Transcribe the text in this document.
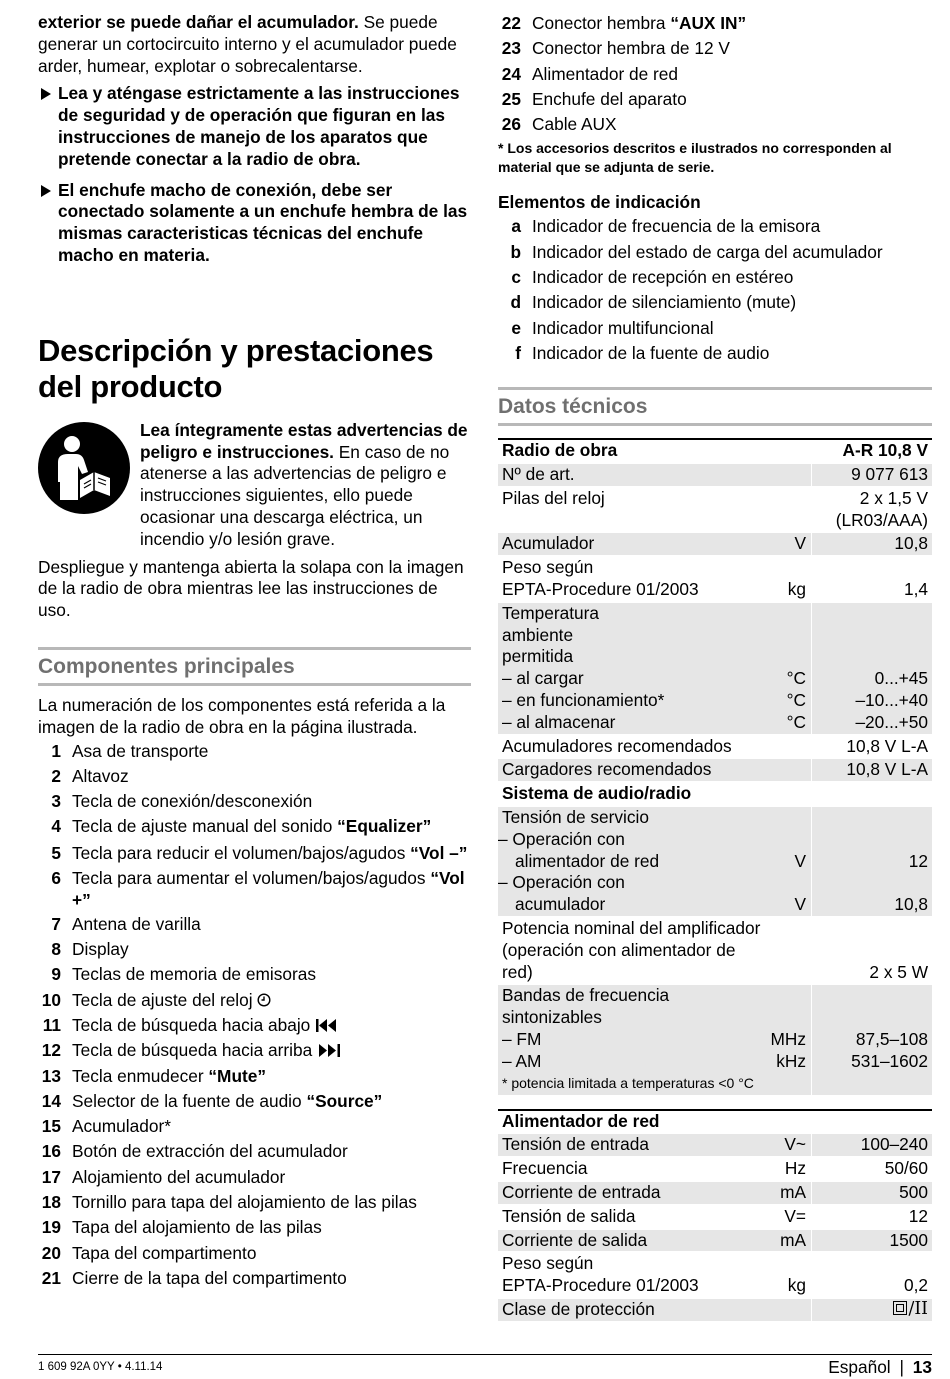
exterior se puede dañar el acumulador. Se puede generar un cortocircuito interno y el acumulador puede arder, humear, explotar o sobrecalentarse.

Lea y aténgase estrictamente a las instrucciones de seguridad y de operación que figuran en las instrucciones de manejo de los aparatos que pretende conectar a la radio de obra.
El enchufe macho de conexión, debe ser conectado solamente a un enchufe hembra de las mismas caracteristicas técnicas del enchufe macho en materia.
Descripción y prestaciones del producto

Lea íntegramente estas advertencias de peligro e instrucciones. En caso de no atenerse a las advertencias de peligro e instrucciones siguientes, ello puede ocasionar una descarga eléctrica, un incendio y/o lesión grave.

Despliegue y mantenga abierta la solapa con la imagen de la radio de obra mientras lee las instrucciones de uso.

Componentes principales

La numeración de los componentes está referida a la imagen de la radio de obra en la página ilustrada.

1 Asa de transporte
2 Altavoz
3 Tecla de conexión/desconexión
4 Tecla de ajuste manual del sonido “Equalizer”
5 Tecla para reducir el volumen/bajos/agudos “Vol –”
6 Tecla para aumentar el volumen/bajos/agudos “Vol +”
7 Antena de varilla
8 Display
9 Teclas de memoria de emisoras
10 Tecla de ajuste del reloj
11 Tecla de búsqueda hacia abajo
12 Tecla de búsqueda hacia arriba
13 Tecla enmudecer “Mute”
14 Selector de la fuente de audio “Source”
15 Acumulador*
16 Botón de extracción del acumulador
17 Alojamiento del acumulador
18 Tornillo para tapa del alojamiento de las pilas
19 Tapa del alojamiento de las pilas
20 Tapa del compartimento
21 Cierre de la tapa del compartimento
22 Conector hembra “AUX IN”
23 Conector hembra de 12 V
24 Alimentador de red
25 Enchufe del aparato
26 Cable AUX

* Los accesorios descritos e ilustrados no corresponden al material que se adjunta de serie.

Elementos de indicación

a Indicador de frecuencia de la emisora
b Indicador del estado de carga del acumulador
c Indicador de recepción en estéreo
d Indicador de silenciamiento (mute)
e Indicador multifuncional
f Indicador de la fuente de audio
Datos técnicos
Radio de obra		A-R 10,8 V
Nº de art.		9 077 613
Pilas del reloj		2 x 1,5 V
(LR03/AAA)

Acumulador	V	10,8

Peso según
EPTA-Procedure 01/2003	kg	1,4
Temperatura ambiente permitida		
– al cargar	°C	0...+45
– en funcionamiento*	°C	–10...+40
– al almacenar	°C	–20...+50
Acumuladores recomendados		10,8 V L-A
Cargadores recomendados		10,8 V L-A
Sistema de audio/radio		
Tensión de servicio		
– Operación con alimentador de red	V	12
– Operación con acumulador	V	10,8
Potencia nominal del amplificador (operación con alimentador de red)		2 x 5 W
Bandas de frecuencia sintonizables		
– FM	MHz	87,5–108
– AM	kHz	531–1602
* potencia limitada a temperaturas <0 °C		
Alimentador de red		
Tensión de entrada	V~	100–240
Frecuencia	Hz	50/60
Corriente de entrada	mA	500
Tensión de salida	V=	12
Corriente de salida	mA	1500

Peso según
EPTA-Procedure 01/2003	kg	0,2
Clase de protección		/II
1 609 92A 0YY • 4.11.14	Español | 13
